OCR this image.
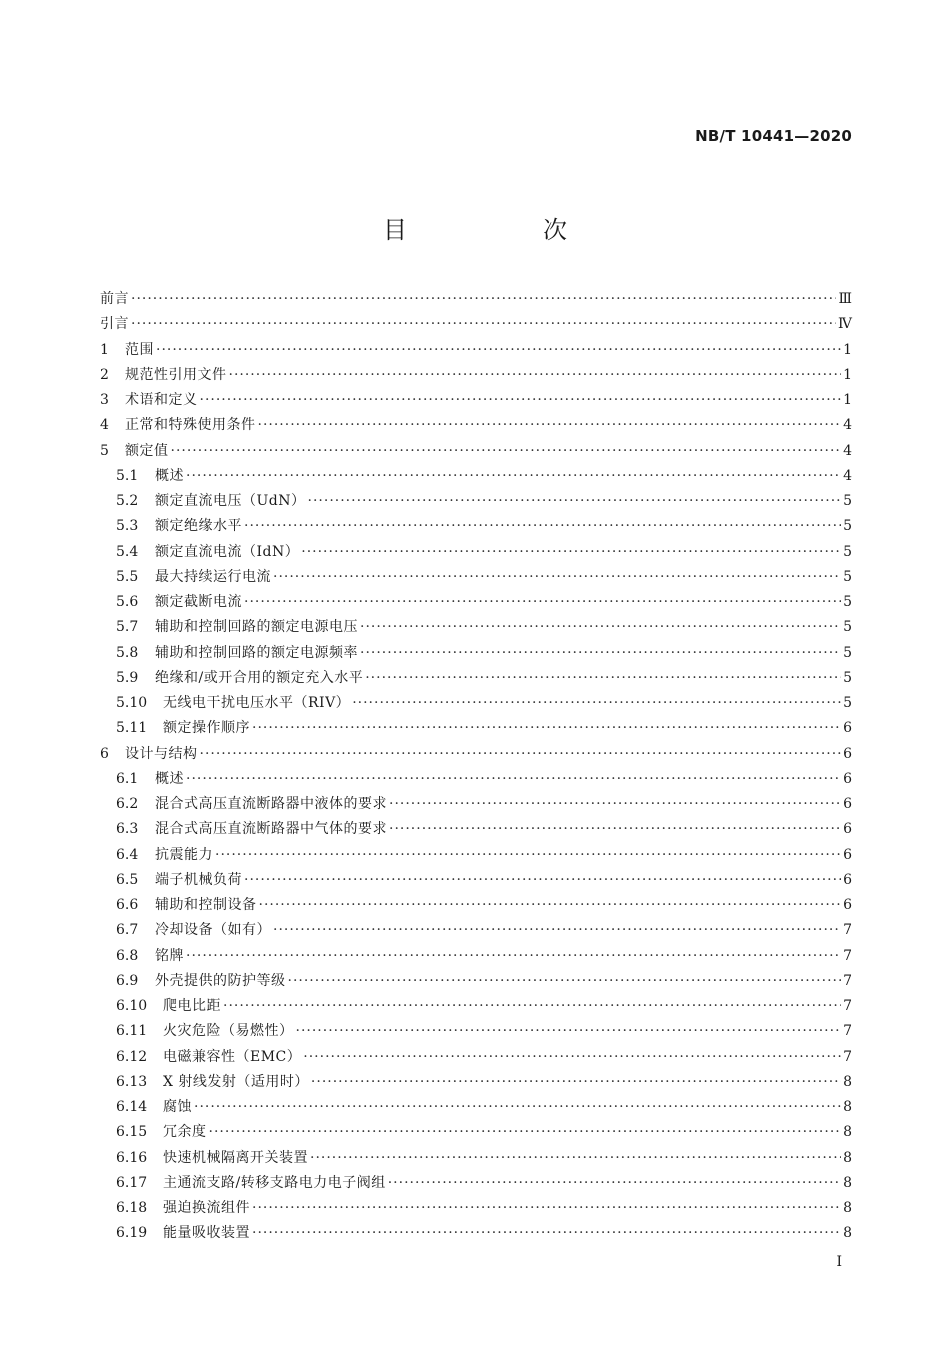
NB/T 10441—2020
目　次
前言 ·····	Ⅲ
引言 ·····	Ⅳ
1	范围 ·····	1
2	规范性引用文件 ·····	1
3	术语和定义 ·····	1
4	正常和特殊使用条件 ·····	4
5	额定值 ·····	4
5.1	概述 ·····	4
5.2	额定直流电压（UdN） ·····	5
5.3	额定绝缘水平 ·····	5
5.4	额定直流电流（IdN） ·····	5
5.5	最大持续运行电流 ·····	5
5.6	额定截断电流 ·····	5
5.7	辅助和控制回路的额定电源电压 ·····	5
5.8	辅助和控制回路的额定电源频率 ·····	5
5.9	绝缘和/或开合用的额定充入水平 ·····	5
5.10	无线电干扰电压水平（RIV） ·····	5
5.11	额定操作顺序 ·····	6
6	设计与结构 ·····	6
6.1	概述 ·····	6
6.2	混合式高压直流断路器中液体的要求 ·····	6
6.3	混合式高压直流断路器中气体的要求 ·····	6
6.4	抗震能力 ·····	6
6.5	端子机械负荷 ·····	6
6.6	辅助和控制设备 ·····	6
6.7	冷却设备（如有） ·····	7
6.8	铭牌 ·····	7
6.9	外壳提供的防护等级 ·····	7
6.10	爬电比距 ·····	7
6.11	火灾危险（易燃性） ·····	7
6.12	电磁兼容性（EMC） ·····	7
6.13	X 射线发射（适用时） ·····	8
6.14	腐蚀 ·····	8
6.15	冗余度 ·····	8
6.16	快速机械隔离开关装置 ·····	8
6.17	主通流支路/转移支路电力电子阀组 ·····	8
6.18	强迫换流组件 ·····	8
6.19	能量吸收装置 ·····	8
I
